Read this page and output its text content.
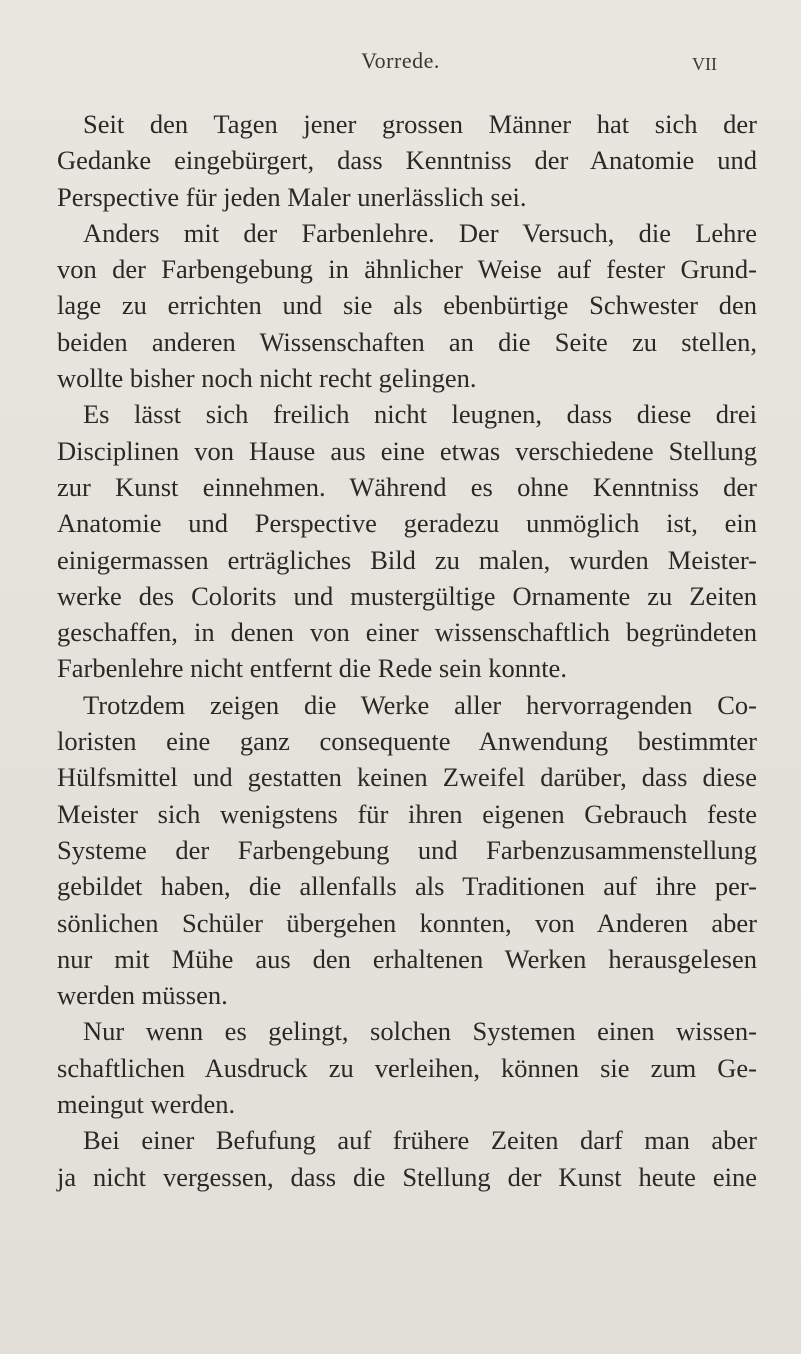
Vorrede.	VII
Seit den Tagen jener grossen Männer hat sich der
Gedanke eingebürgert, dass Kenntniss der Anatomie und
Perspective für jeden Maler unerlässlich sei.
Anders mit der Farbenlehre. Der Versuch, die Lehre
von der Farbengebung in ähnlicher Weise auf fester Grund-
lage zu errichten und sie als ebenbürtige Schwester den
beiden anderen Wissenschaften an die Seite zu stellen,
wollte bisher noch nicht recht gelingen.
Es lässt sich freilich nicht leugnen, dass diese drei
Disciplinen von Hause aus eine etwas verschiedene Stellung
zur Kunst einnehmen. Während es ohne Kenntniss der
Anatomie und Perspective geradezu unmöglich ist, ein
einigermassen erträgliches Bild zu malen, wurden Meister-
werke des Colorits und mustergültige Ornamente zu Zeiten
geschaffen, in denen von einer wissenschaftlich begründeten
Farbenlehre nicht entfernt die Rede sein konnte.
Trotzdem zeigen die Werke aller hervorragenden Co-
loristen eine ganz consequente Anwendung bestimmter
Hülfsmittel und gestatten keinen Zweifel darüber, dass diese
Meister sich wenigstens für ihren eigenen Gebrauch feste
Systeme der Farbengebung und Farbenzusammenstellung
gebildet haben, die allenfalls als Traditionen auf ihre per-
sönlichen Schüler übergehen konnten, von Anderen aber
nur mit Mühe aus den erhaltenen Werken herausgelesen
werden müssen.
Nur wenn es gelingt, solchen Systemen einen wissen-
schaftlichen Ausdruck zu verleihen, können sie zum Ge-
meingut werden.
Bei einer Befufung auf frühere Zeiten darf man aber
ja nicht vergessen, dass die Stellung der Kunst heute eine
